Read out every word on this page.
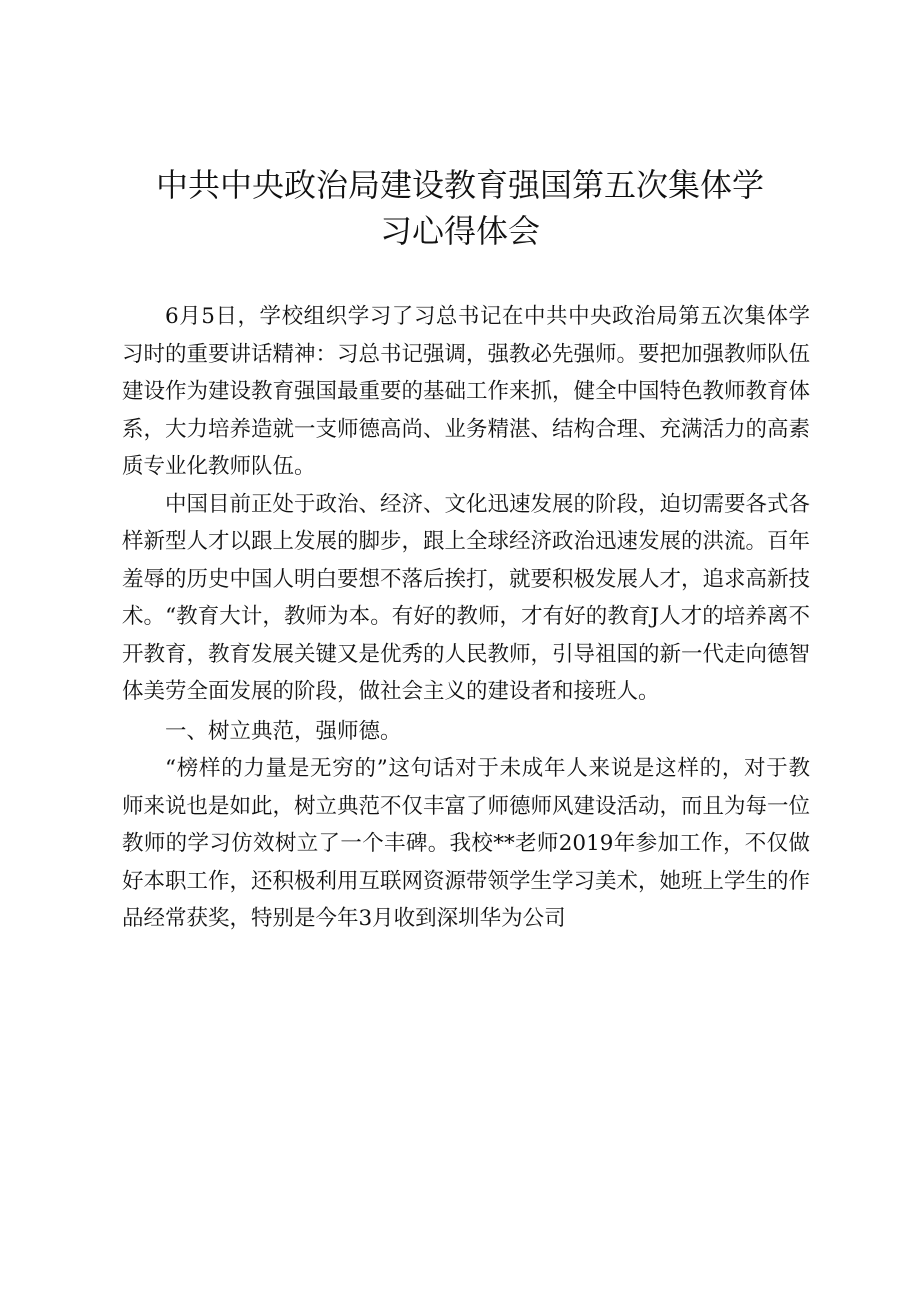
中共中央政治局建设教育强国第五次集体学
习心得体会

6月5日，学校组织学习了习总书记在中共中央政治局第五次集体学习时的重要讲话精神：习总书记强调，强教必先强师。要把加强教师队伍建设作为建设教育强国最重要的基础工作来抓，健全中国特色教师教育体系，大力培养造就一支师德高尚、业务精湛、结构合理、充满活力的高素质专业化教师队伍。

中国目前正处于政治、经济、文化迅速发展的阶段，迫切需要各式各样新型人才以跟上发展的脚步，跟上全球经济政治迅速发展的洪流。百年羞辱的历史中国人明白要想不落后挨打，就要积极发展人才，追求高新技术。“教育大计，教师为本。有好的教师，才有好的教育J人才的培养离不开教育，教育发展关键又是优秀的人民教师，引导祖国的新一代走向德智体美劳全面发展的阶段，做社会主义的建设者和接班人。

一、树立典范，强师德。

“榜样的力量是无穷的”这句话对于未成年人来说是这样的，对于教师来说也是如此，树立典范不仅丰富了师德师风建设活动，而且为每一位教师的学习仿效树立了一个丰碑。我校**老师2019年参加工作，不仅做好本职工作，还积极利用互联网资源带领学生学习美术，她班上学生的作品经常获奖，特别是今年3月收到深圳华为公司
